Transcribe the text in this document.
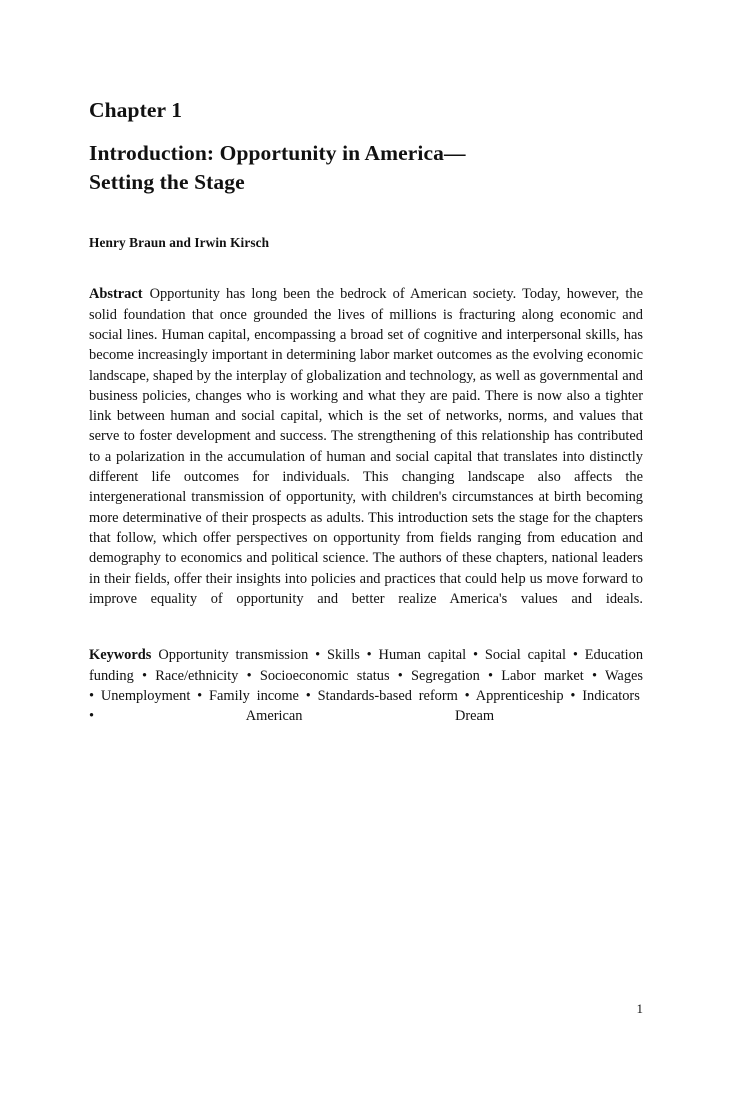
Chapter 1
Introduction: Opportunity in America—
Setting the Stage
Henry Braun and Irwin Kirsch

Abstract Opportunity has long been the bedrock of American society. Today, however, the solid foundation that once grounded the lives of millions is fracturing along economic and social lines. Human capital, encompassing a broad set of cognitive and interpersonal skills, has become increasingly important in determining labor market outcomes as the evolving economic landscape, shaped by the interplay of globalization and technology, as well as governmental and business policies, changes who is working and what they are paid. There is now also a tighter link between human and social capital, which is the set of networks, norms, and values that serve to foster development and success. The strengthening of this relationship has contributed to a polarization in the accumulation of human and social capital that translates into distinctly different life outcomes for individuals. This changing landscape also affects the intergenerational transmission of opportunity, with children's circumstances at birth becoming more determinative of their prospects as adults. This introduction sets the stage for the chapters that follow, which offer perspectives on opportunity from fields ranging from education and demography to economics and political science. The authors of these chapters, national leaders in their fields, offer their insights into policies and practices that could help us move forward to improve equality of opportunity and better realize America's values and ideals.

Keywords Opportunity transmission • Skills • Human capital • Social capital • Education funding • Race/ethnicity • Socioeconomic status • Segregation • Labor market • Wages • Unemployment • Family income • Standards-based reform • Apprenticeship • Indicators • American Dream

1
